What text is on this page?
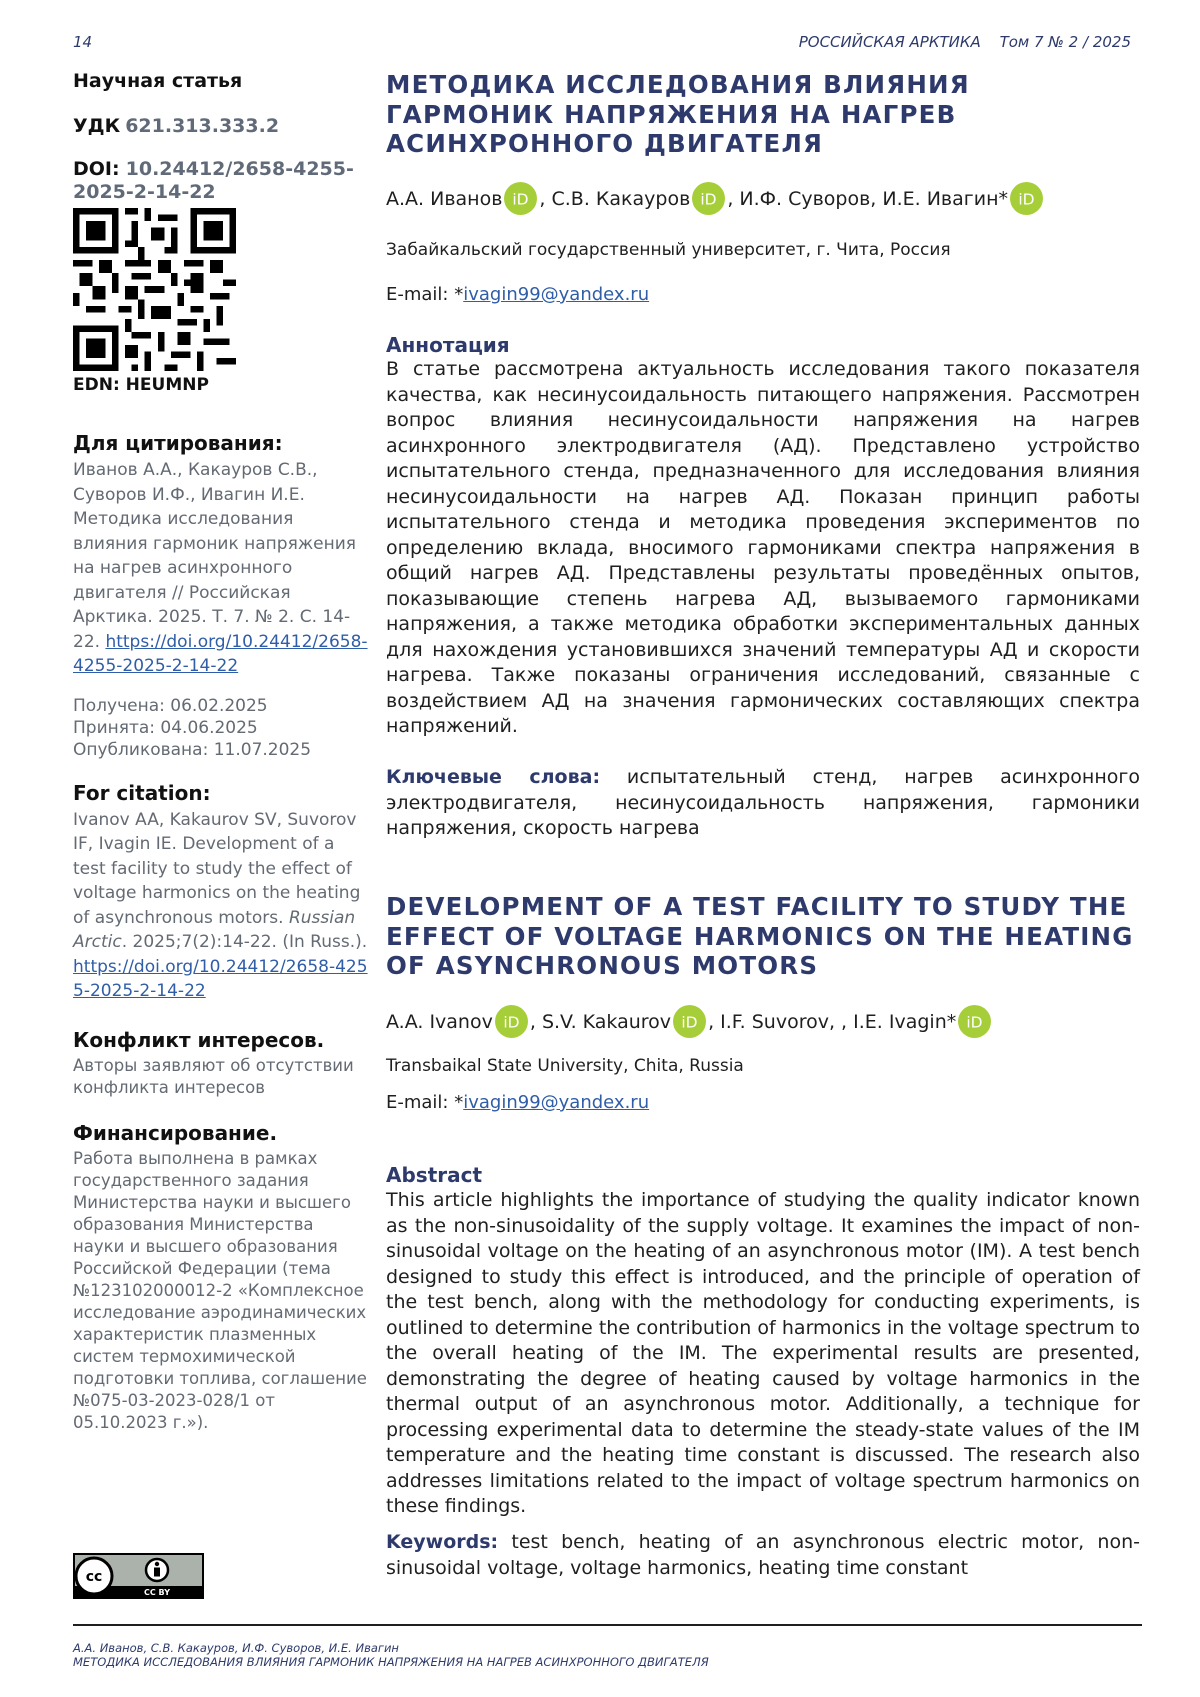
14	РОССИЙСКАЯ АРКТИКА Том 7 № 2 / 2025
Научная статья
УДК 621.313.333.2
DOI: 10.24412/2658-4255-2025-2-14-22
EDN: HEUMNP
Для цитирования:
Иванов А.А., Какауров С.В., Суворов И.Ф., Ивагин И.Е. Методика исследования влияния гармоник напряжения на нагрев асинхронного двигателя // Российская Арктика. 2025. Т. 7. № 2. С. 14-22. https://doi.org/10.24412/2658-4255-2025-2-14-22
Получена: 06.02.2025
Принята: 04.06.2025
Опубликована: 11.07.2025
For citation:
Ivanov AA, Kakaurov SV, Suvorov IF, Ivagin IE. Development of a test facility to study the effect of voltage harmonics on the heating of asynchronous motors. Russian Arctic. 2025;7(2):14-22. (In Russ.). https://doi.org/10.24412/2658-4255-2025-2-14-22
Конфликт интересов.
Авторы заявляют об отсутствии конфликта интересов
Финансирование.
Работа выполнена в рамках государственного задания Министерства науки и высшего образования Министерства науки и высшего образования Российской Федерации (тема №123102000012-2 «Комплексное исследование аэродинамических характеристик плазменных систем термохимической подготовки топлива, соглашение №075-03-2023-028/1 от 05.10.2023 г.»).
cc
CC BY
МЕТОДИКА ИССЛЕДОВАНИЯ ВЛИЯНИЯ ГАРМОНИК НАПРЯЖЕНИЯ НА НАГРЕВ АСИНХРОННОГО ДВИГАТЕЛЯ
А.А. Иванов iD , С.В. Какауров iD , И.Ф. Суворов, И.Е. Ивагин* iD
Забайкальский государственный университет, г. Чита, Россия
E-mail: *ivagin99@yandex.ru
Аннотация
В статье рассмотрена актуальность исследования такого показателя качества, как несинусоидальность питающего напряжения. Рассмотрен вопрос влияния несинусоидальности напряжения на нагрев асинхронного электродвигателя (АД). Представлено устройство испытательного стенда, предназначенного для исследования влияния несинусоидальности на нагрев АД. Показан принцип работы испытательного стенда и методика проведения экспериментов по определению вклада, вносимого гармониками спектра напряжения в общий нагрев АД. Представлены результаты проведённых опытов, показывающие степень нагрева АД, вызываемого гармониками напряжения, а также методика обработки экспериментальных данных для нахождения установившихся значений температуры АД и скорости нагрева. Также показаны ограничения исследований, связанные с воздействием АД на значения гармонических составляющих спектра напряжений.
Ключевые слова: испытательный стенд, нагрев асинхронного электродвигателя, несинусоидальность напряжения, гармоники напряжения, скорость нагрева
DEVELOPMENT OF A TEST FACILITY TO STUDY THE EFFECT OF VOLTAGE HARMONICS ON THE HEATING OF ASYNCHRONOUS MOTORS
A.A. Ivanov iD , S.V. Kakaurov iD , I.F. Suvorov, , I.E. Ivagin* iD
Transbaikal State University, Chita, Russia
E-mail: *ivagin99@yandex.ru
Abstract
This article highlights the importance of studying the quality indicator known as the non-sinusoidality of the supply voltage. It examines the impact of non-sinusoidal voltage on the heating of an asynchronous motor (IM). A test bench designed to study this effect is introduced, and the principle of operation of the test bench, along with the methodology for conducting experiments, is outlined to determine the contribution of harmonics in the voltage spectrum to the overall heating of the IM. The experimental results are presented, demonstrating the degree of heating caused by voltage harmonics in the thermal output of an asynchronous motor. Additionally, a technique for processing experimental data to determine the steady-state values of the IM temperature and the heating time constant is discussed. The research also addresses limitations related to the impact of voltage spectrum harmonics on these findings.
Keywords: test bench, heating of an asynchronous electric motor, non-sinusoidal voltage, voltage harmonics, heating time constant
А.А. Иванов, С.В. Какауров, И.Ф. Суворов, И.Е. Ивагин
МЕТОДИКА ИССЛЕДОВАНИЯ ВЛИЯНИЯ ГАРМОНИК НАПРЯЖЕНИЯ НА НАГРЕВ АСИНХРОННОГО ДВИГАТЕЛЯ
